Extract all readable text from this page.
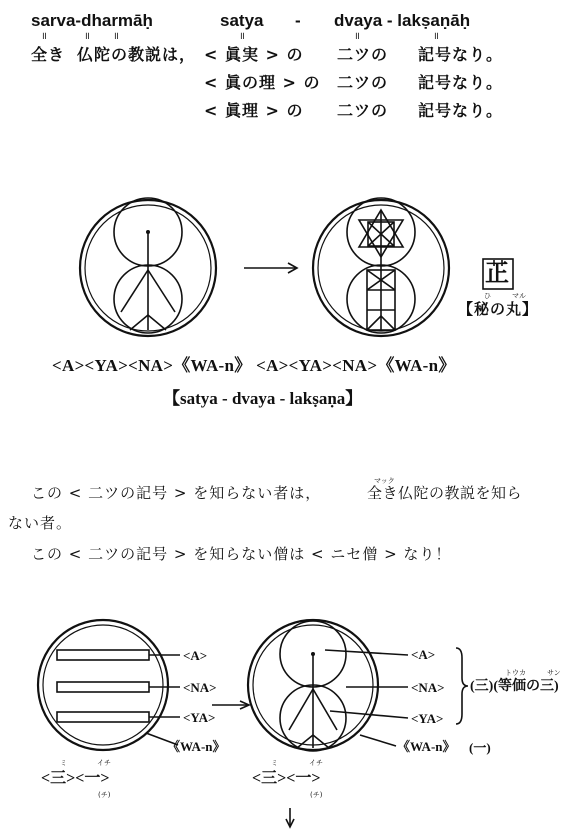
sarva-dharmāḥ	satya - dvaya - lakṣaṇāḥ
॥	॥ ॥	॥	॥	॥
全き 仏陀の教説は， < 眞実 > の 二ツの 記号なり。
< 眞の理 > の 二ツの 記号なり。
< 眞理 > の 二ツの 記号なり。
正
ひ	マル
【秘の丸】
<A><YA><NA>《WA-n》 <A><YA><NA>《WA-n》
【satya - dvaya - lakṣaṇa】
マック
この < 二ツの記号 > を知らない者は，	全き仏陀の教説を知ら
ない者。
この < 二ツの記号 > を知らない僧は < ニセ僧 > なり！
<A>
<NA>
<YA>
《WA-n》
<A>
<NA>
<YA>
《WA-n》 (一)
トウカ	サン
(三)(等価の三)
ミ	イチ
<三><一>
(チ)
ミ	イチ
<三><一>
(チ)
